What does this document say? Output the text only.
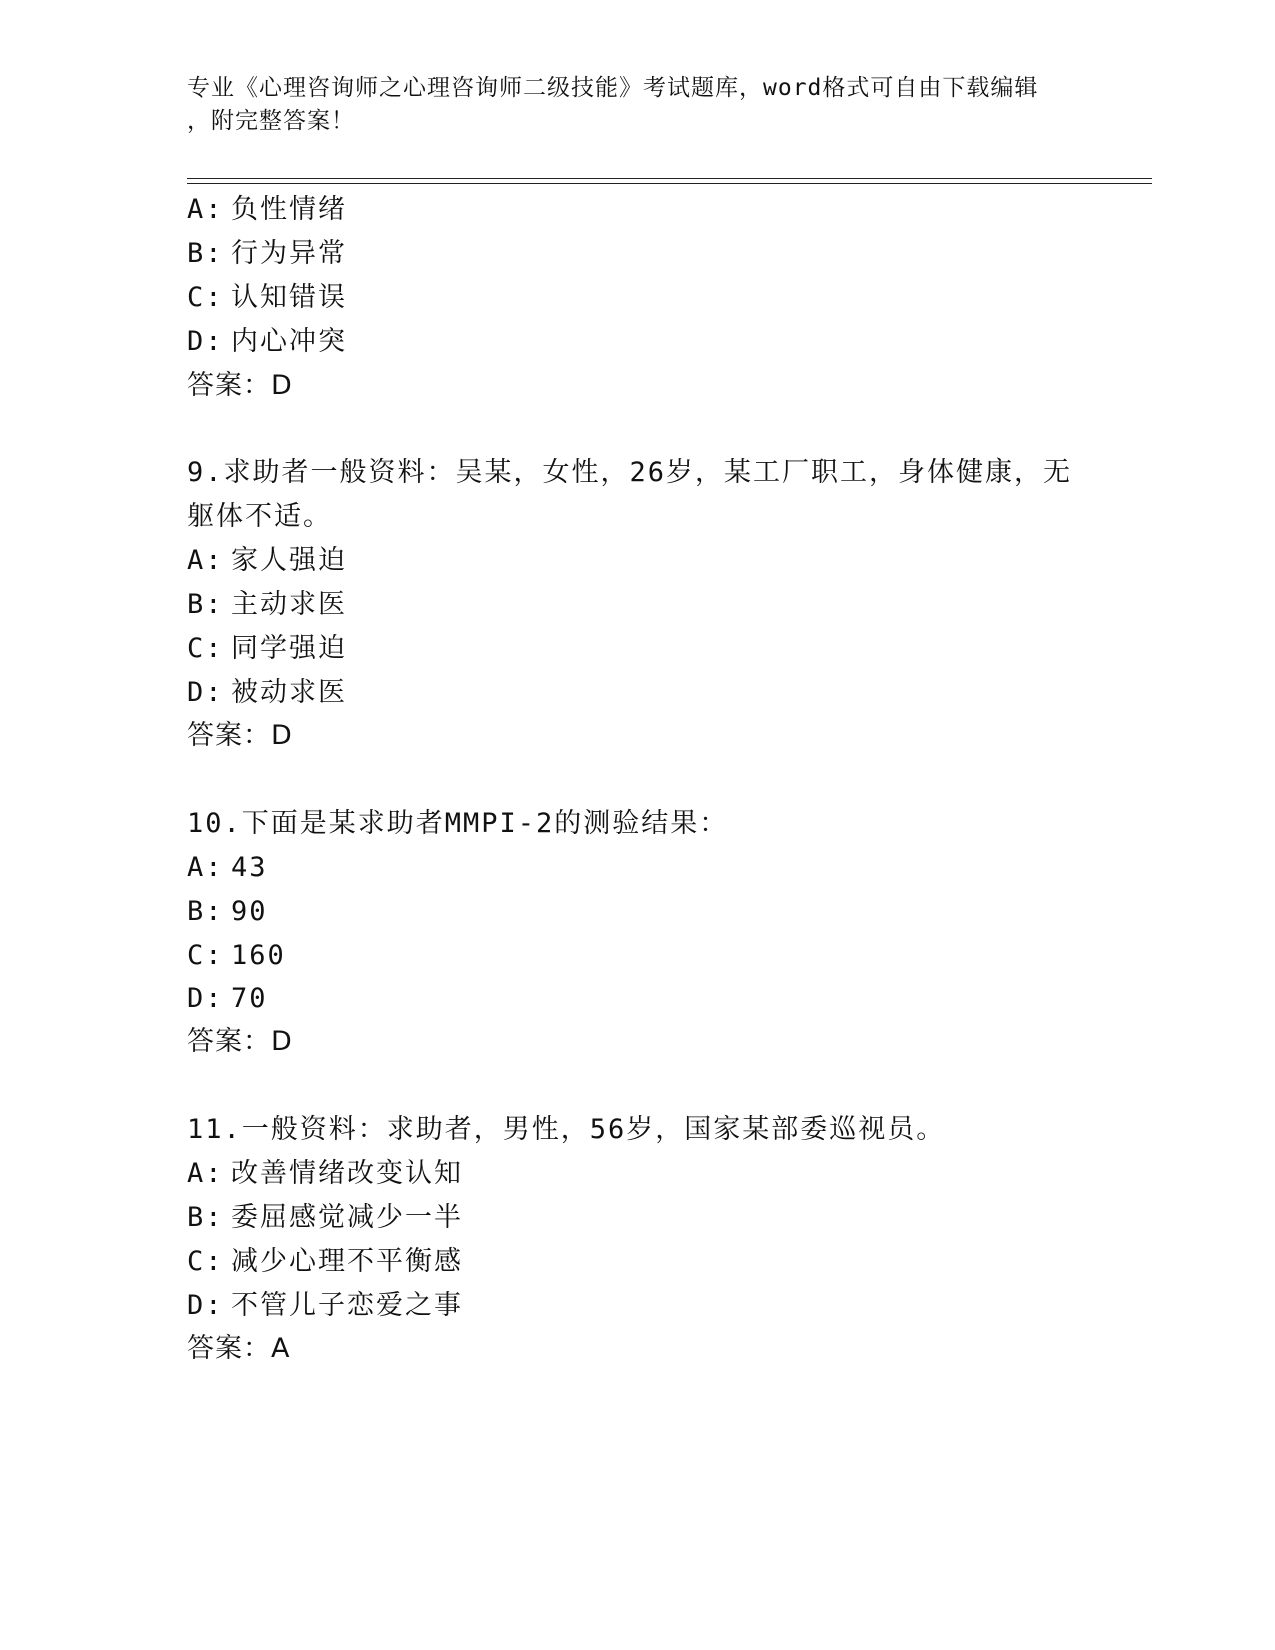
专业《心理咨询师之心理咨询师二级技能》考试题库，word格式可自由下载编辑
，附完整答案！
A: 负性情绪
B: 行为异常
C: 认知错误
D: 内心冲突
答案：D
9.求助者一般资料：吴某，女性，26岁，某工厂职工，身体健康，无
躯体不适。
A: 家人强迫
B: 主动求医
C: 同学强迫
D: 被动求医
答案：D
10.下面是某求助者MMPI-2的测验结果：
A: 43
B: 90
C: 160
D: 70
答案：D
11.一般资料：求助者，男性，56岁，国家某部委巡视员。
A: 改善情绪改变认知
B: 委屈感觉减少一半
C: 减少心理不平衡感
D: 不管儿子恋爱之事
答案：A
